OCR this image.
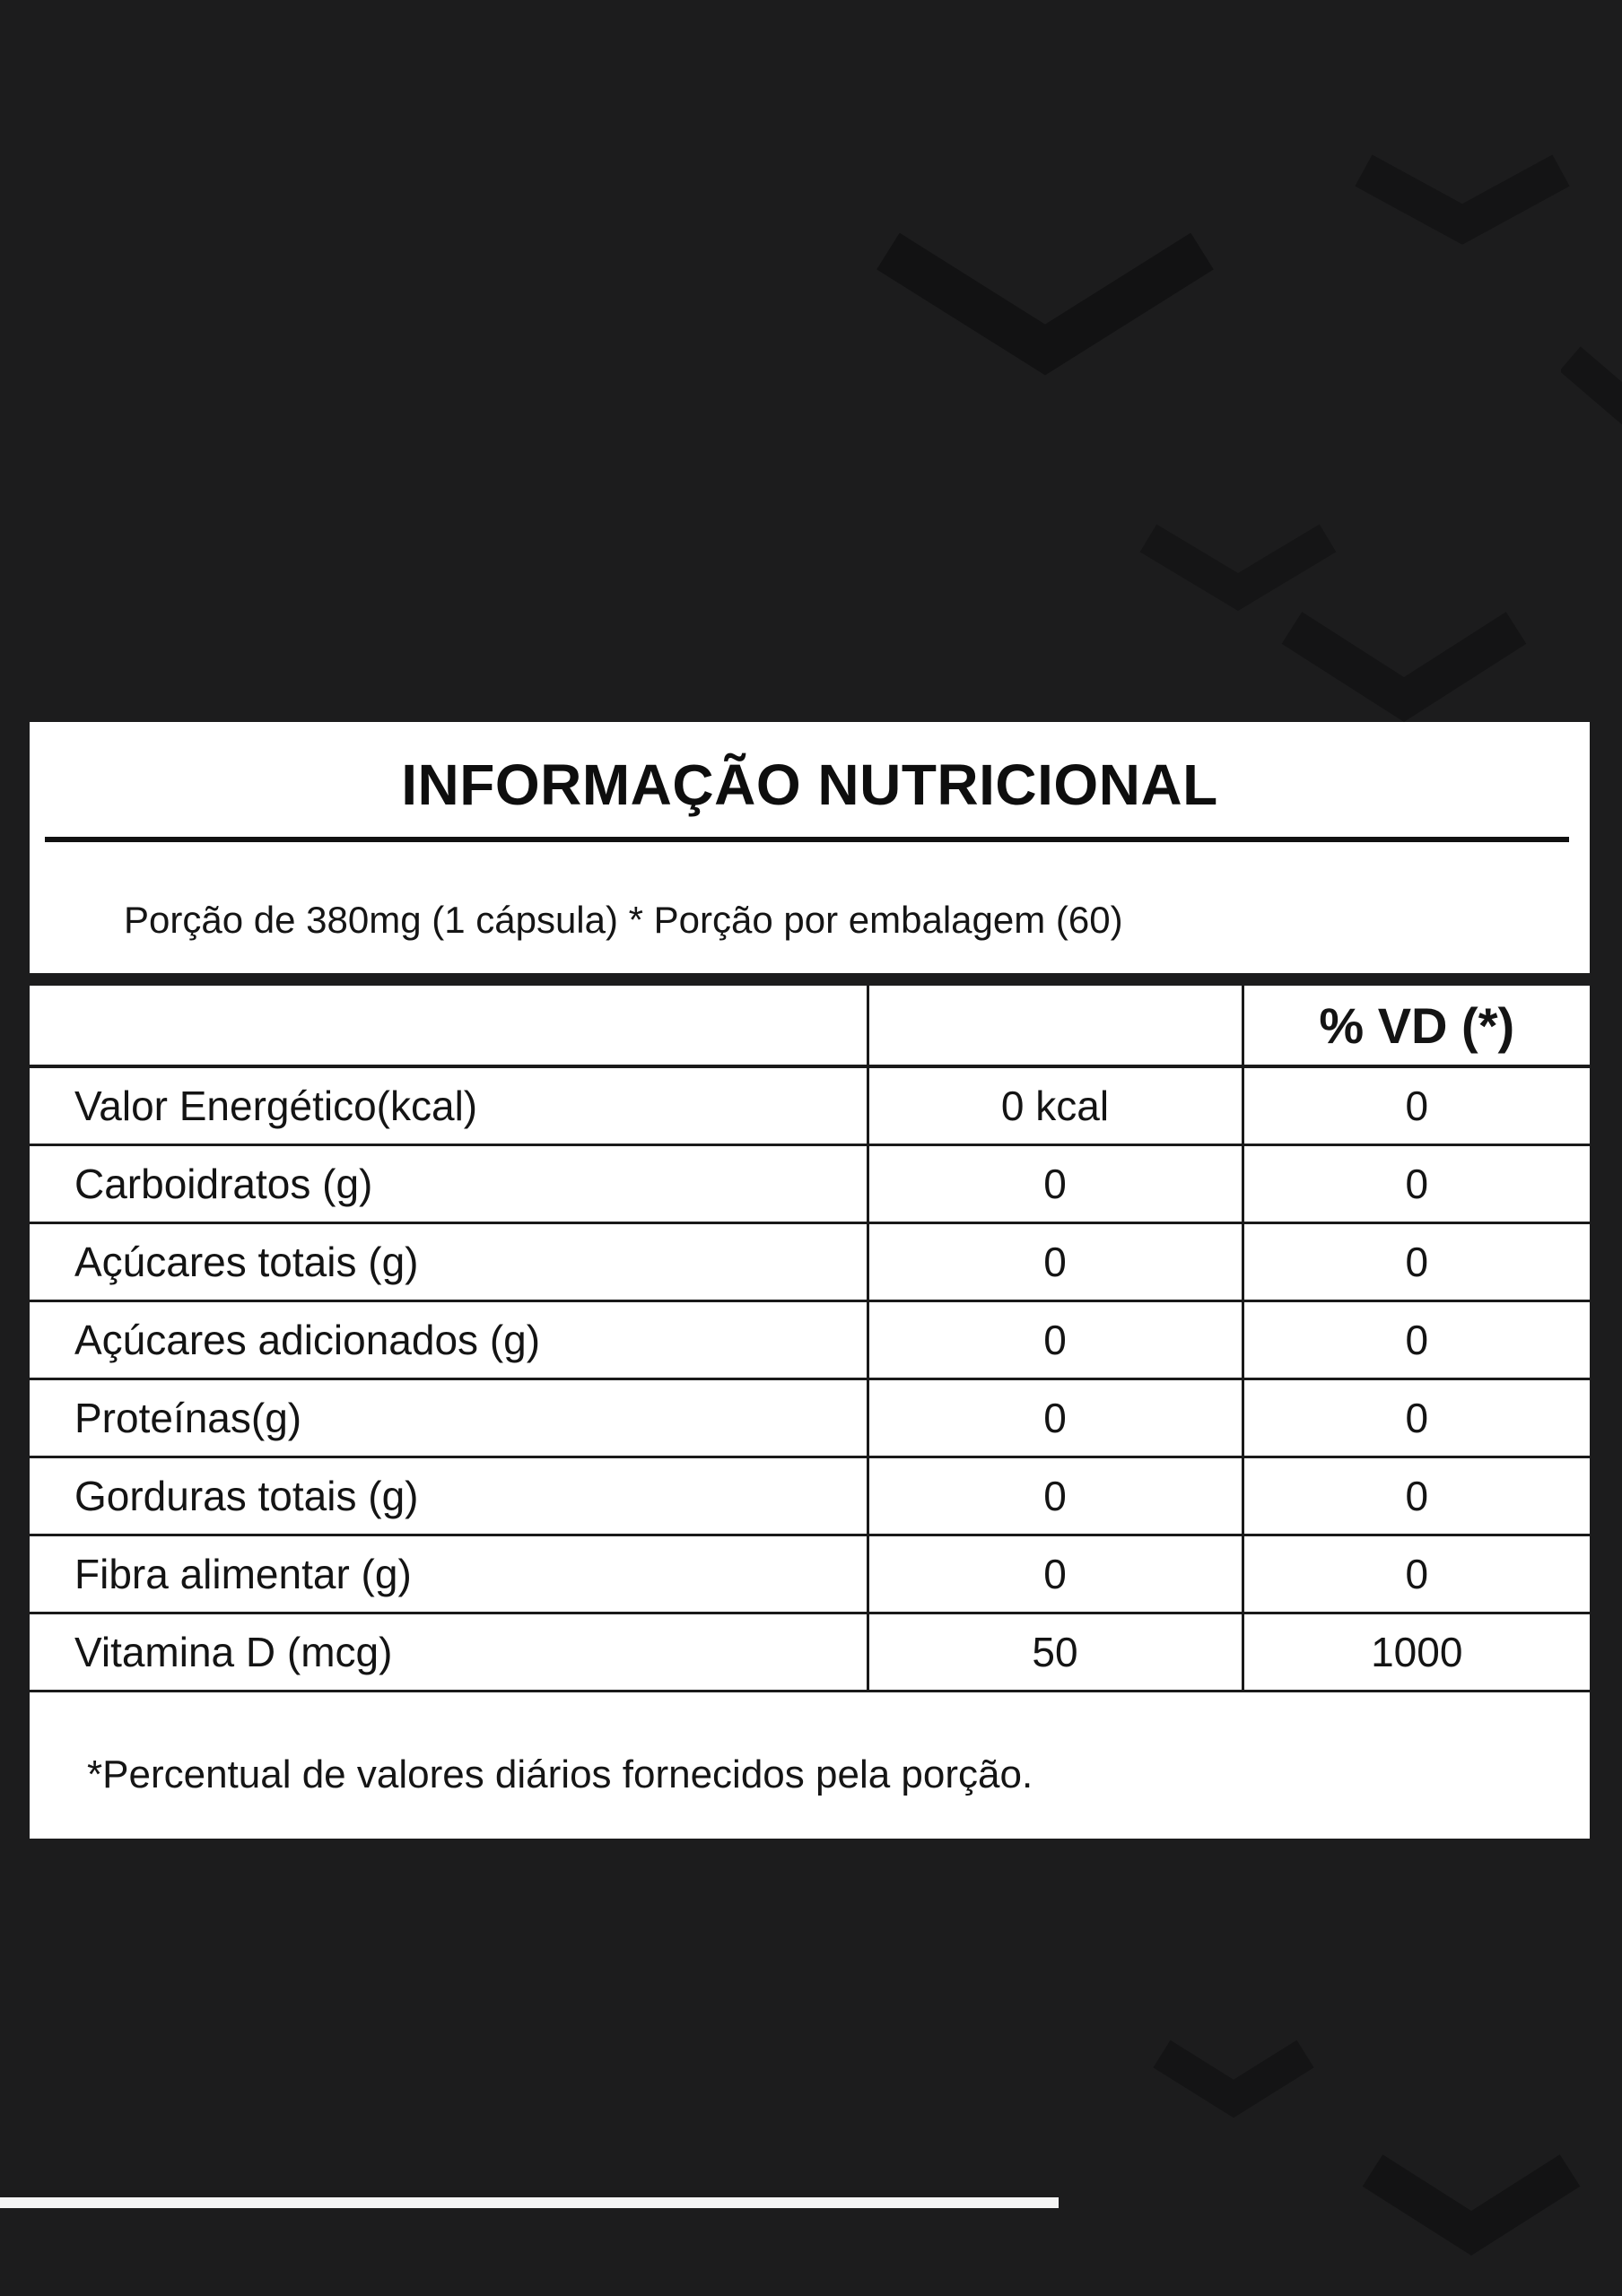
INFORMAÇÃO NUTRICIONAL
Porção de 380mg (1 cápsula) * Porção por embalagem (60)
		% VD (*)
Valor Energético(kcal)	0 kcal	0
Carboidratos (g)	0	0
Açúcares totais (g)	0	0
Açúcares adicionados (g)	0	0
Proteínas(g)	0	0
Gorduras totais (g)	0	0
Fibra alimentar (g)	0	0
Vitamina D (mcg)	50	1000
*Percentual de valores diários fornecidos pela porção.
